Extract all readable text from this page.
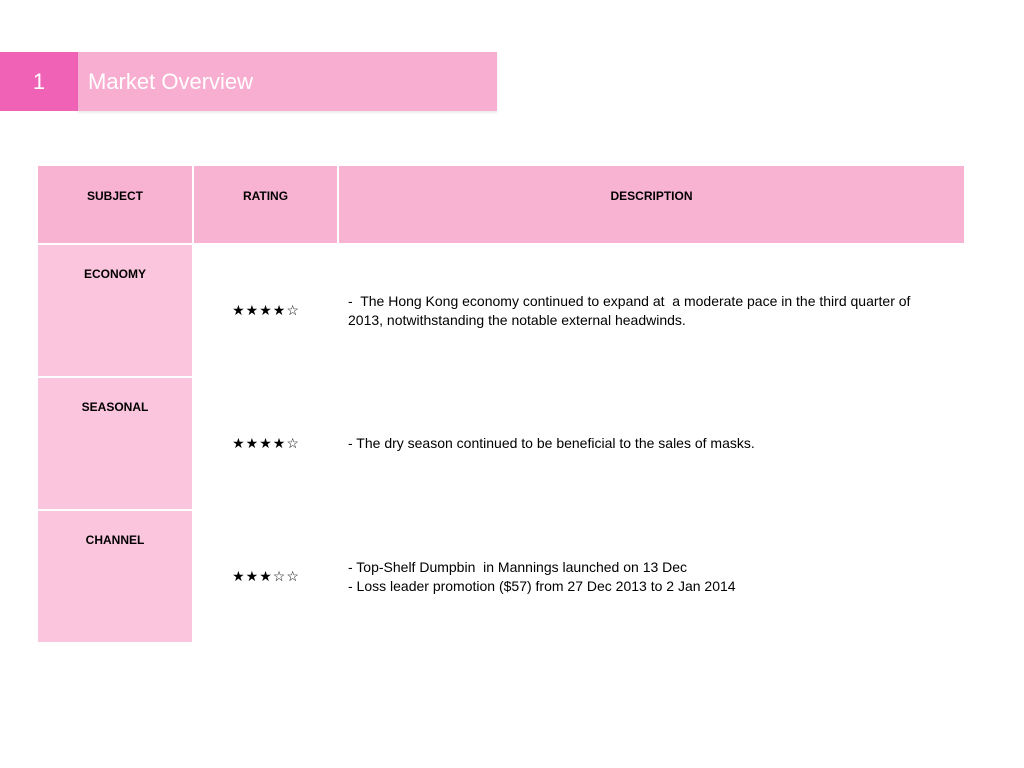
1	Market Overview
SUBJECT	RATING	DESCRIPTION
ECONOMY	★★★★☆	-  The Hong Kong economy continued to expand at  a moderate pace in the third quarter of 2013, notwithstanding the notable external headwinds.

SEASONAL	★★★★☆	- The dry season continued to be beneficial to the sales of masks.

CHANNEL	★★★☆☆	- Top-Shelf Dumpbin  in Mannings launched on 13 Dec
- Loss leader promotion ($57) from 27 Dec 2013 to 2 Jan 2014
